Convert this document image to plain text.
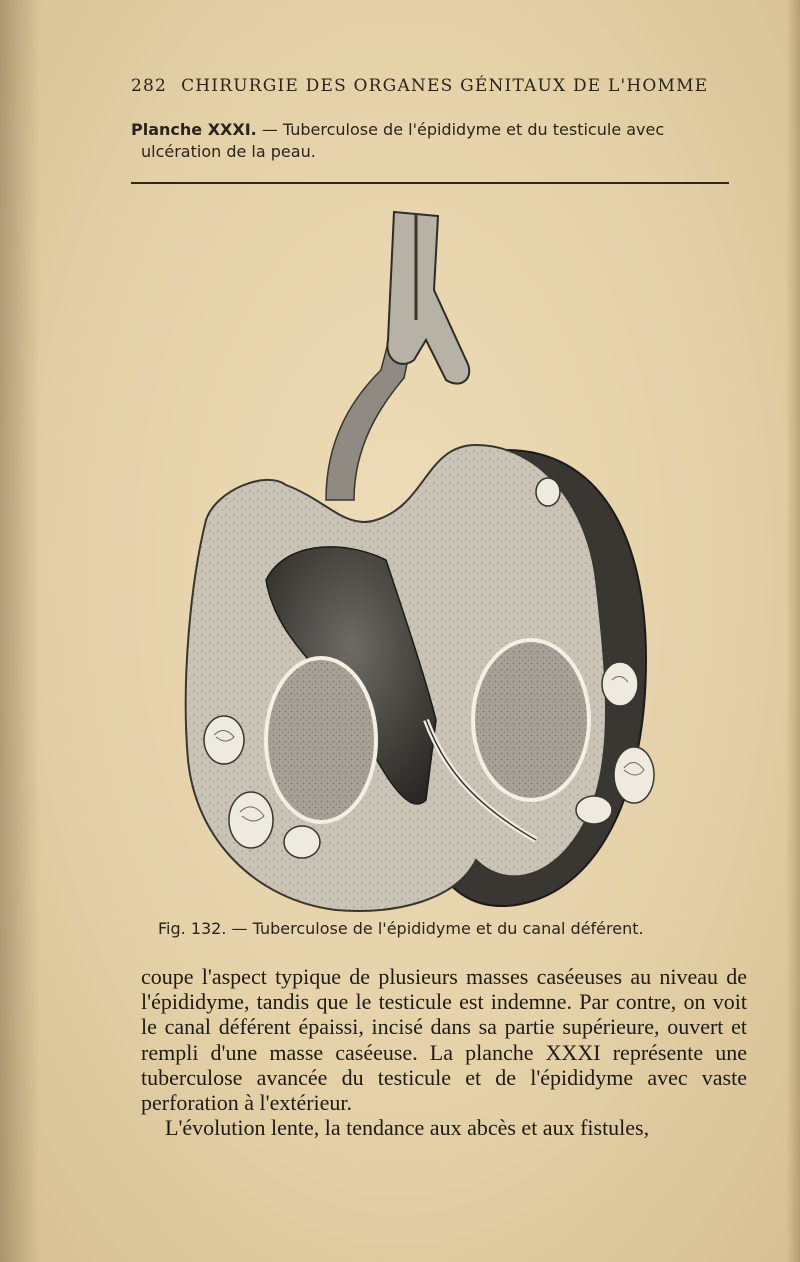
282 CHIRURGIE DES ORGANES GÉNITAUX DE L'HOMME
Planche XXXI. — Tuberculose de l'épididyme et du testicule avec
ulcération de la peau.
Fig. 132. — Tuberculose de l'épididyme et du canal déférent.

coupe l'aspect typique de plusieurs masses caséeuses au niveau de l'épididyme, tandis que le testicule est indemne. Par contre, on voit le canal déférent épaissi, incisé dans sa partie supérieure, ouvert et rempli d'une masse caséeuse. La planche XXXI représente une tuberculose avancée du testicule et de l'épididyme avec vaste perforation à l'extérieur.

L'évolution lente, la tendance aux abcès et aux fistules,
